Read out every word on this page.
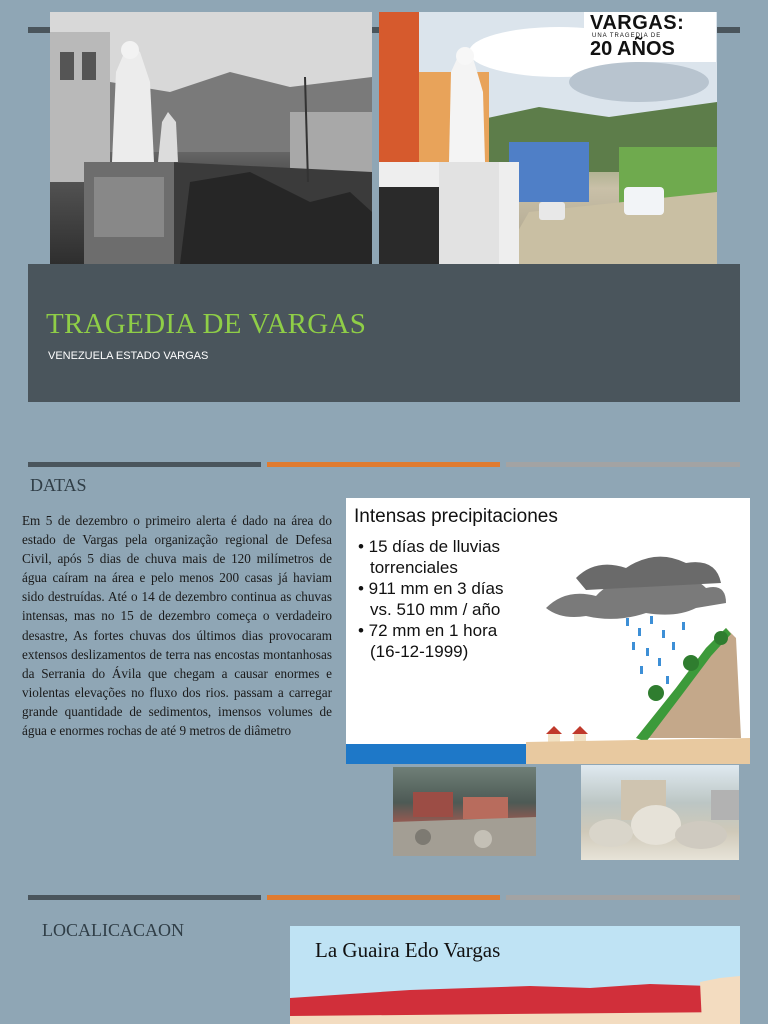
VARGAS:
UNA TRAGEDIA DE
20 AÑOS
TRAGEDIA DE VARGAS
VENEZUELA ESTADO VARGAS
DATAS
Em 5 de dezembro o primeiro alerta é dado na área do estado de Vargas pela organização regional de Defesa Civil, após 5 dias de chuva mais de 120 milímetros de água caíram na área e pelo menos 200 casas já haviam sido destruídas. Até o 14 de dezembro continua as chuvas intensas, mas no 15 de dezembro começa o verdadeiro desastre, As fortes chuvas dos últimos dias provocaram extensos deslizamentos de terra nas encostas montanhosas da Serrania do Ávila que chegam a causar enormes e violentas elevações no fluxo dos rios. passam a carregar grande quantidade de sedimentos, imensos volumes de água e enormes rochas de até 9 metros de diâmetro
Intensas precipitaciones
• 15 días de lluvias
torrenciales
• 911 mm en 3 días
vs. 510 mm / año
• 72 mm en 1 hora
(16-12-1999)
LOCALICACAON
La Guaira Edo Vargas
